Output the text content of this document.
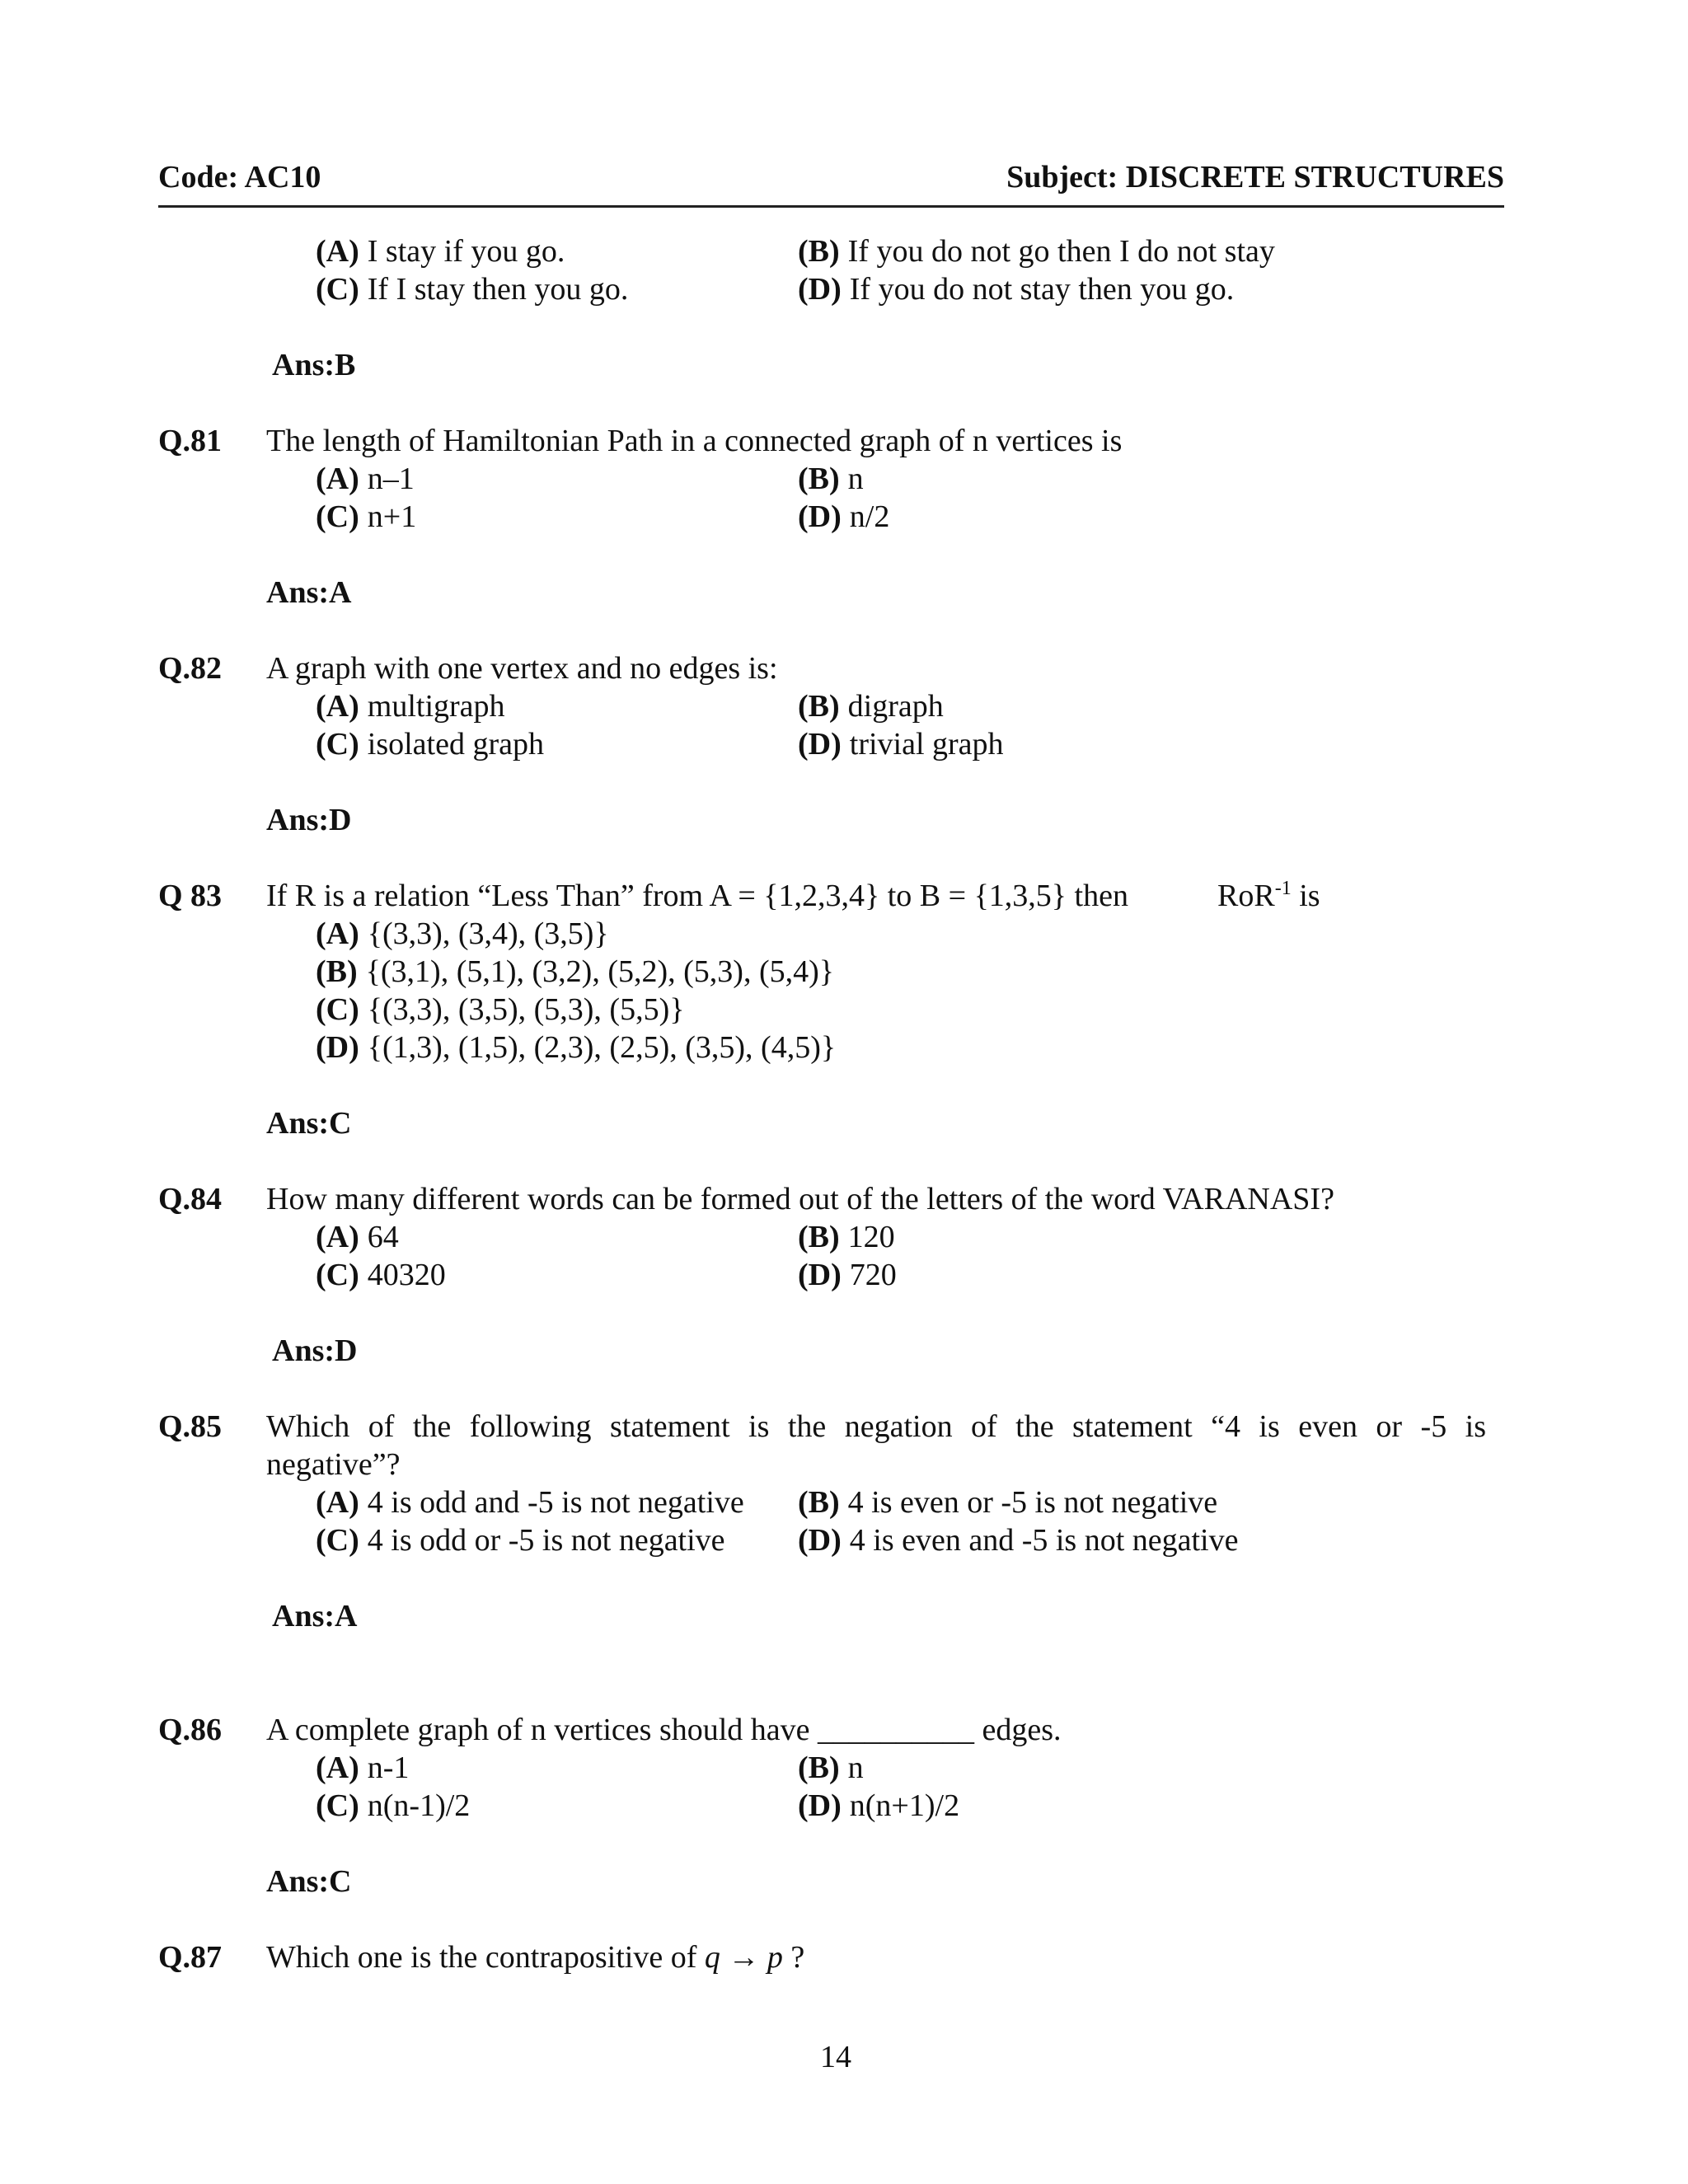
Code: AC10	Subject: DISCRETE STRUCTURES
(A) I stay if you go.	(B) If you do not go then I do not stay
(C) If I stay then you go.	(D) If you do not stay then you go.
Ans:B
Q.81 The length of Hamiltonian Path in a connected graph of n vertices is
(A) n–1	(B) n
(C) n+1	(D) n/2
Ans:A
Q.82 A graph with one vertex and no edges is:
(A) multigraph	(B) digraph
(C) isolated graph	(D) trivial graph
Ans:D
Q 83 If R is a relation “Less Than” from A = {1,2,3,4} to B = {1,3,5} then	RoR$^{-1}$ is
(A) {(3,3), (3,4), (3,5)}
(B) {(3,1), (5,1), (3,2), (5,2), (5,3), (5,4)}
(C) {(3,3), (3,5), (5,3), (5,5)}
(D) {(1,3), (1,5), (2,3), (2,5), (3,5), (4,5)}
Ans:C
Q.84 How many different words can be formed out of the letters of the word VARANASI?
(A) 64	(B) 120
(C) 40320	(D) 720
Ans:D
Q.85 Which of the following statement is the negation of the statement “4 is even or -5 is
negative”?
(A) 4 is odd and -5 is not negative (B) 4 is even or -5 is not negative
(C) 4 is odd or -5 is not negative (D) 4 is even and -5 is not negative
Ans:A
Q.86 A complete graph of n vertices should have __________ edges.
(A) n-1	(B) n
(C) n(n-1)/2	(D) n(n+1)/2
Ans:C
Q.87 Which one is the contrapositive of q → p ?
14
